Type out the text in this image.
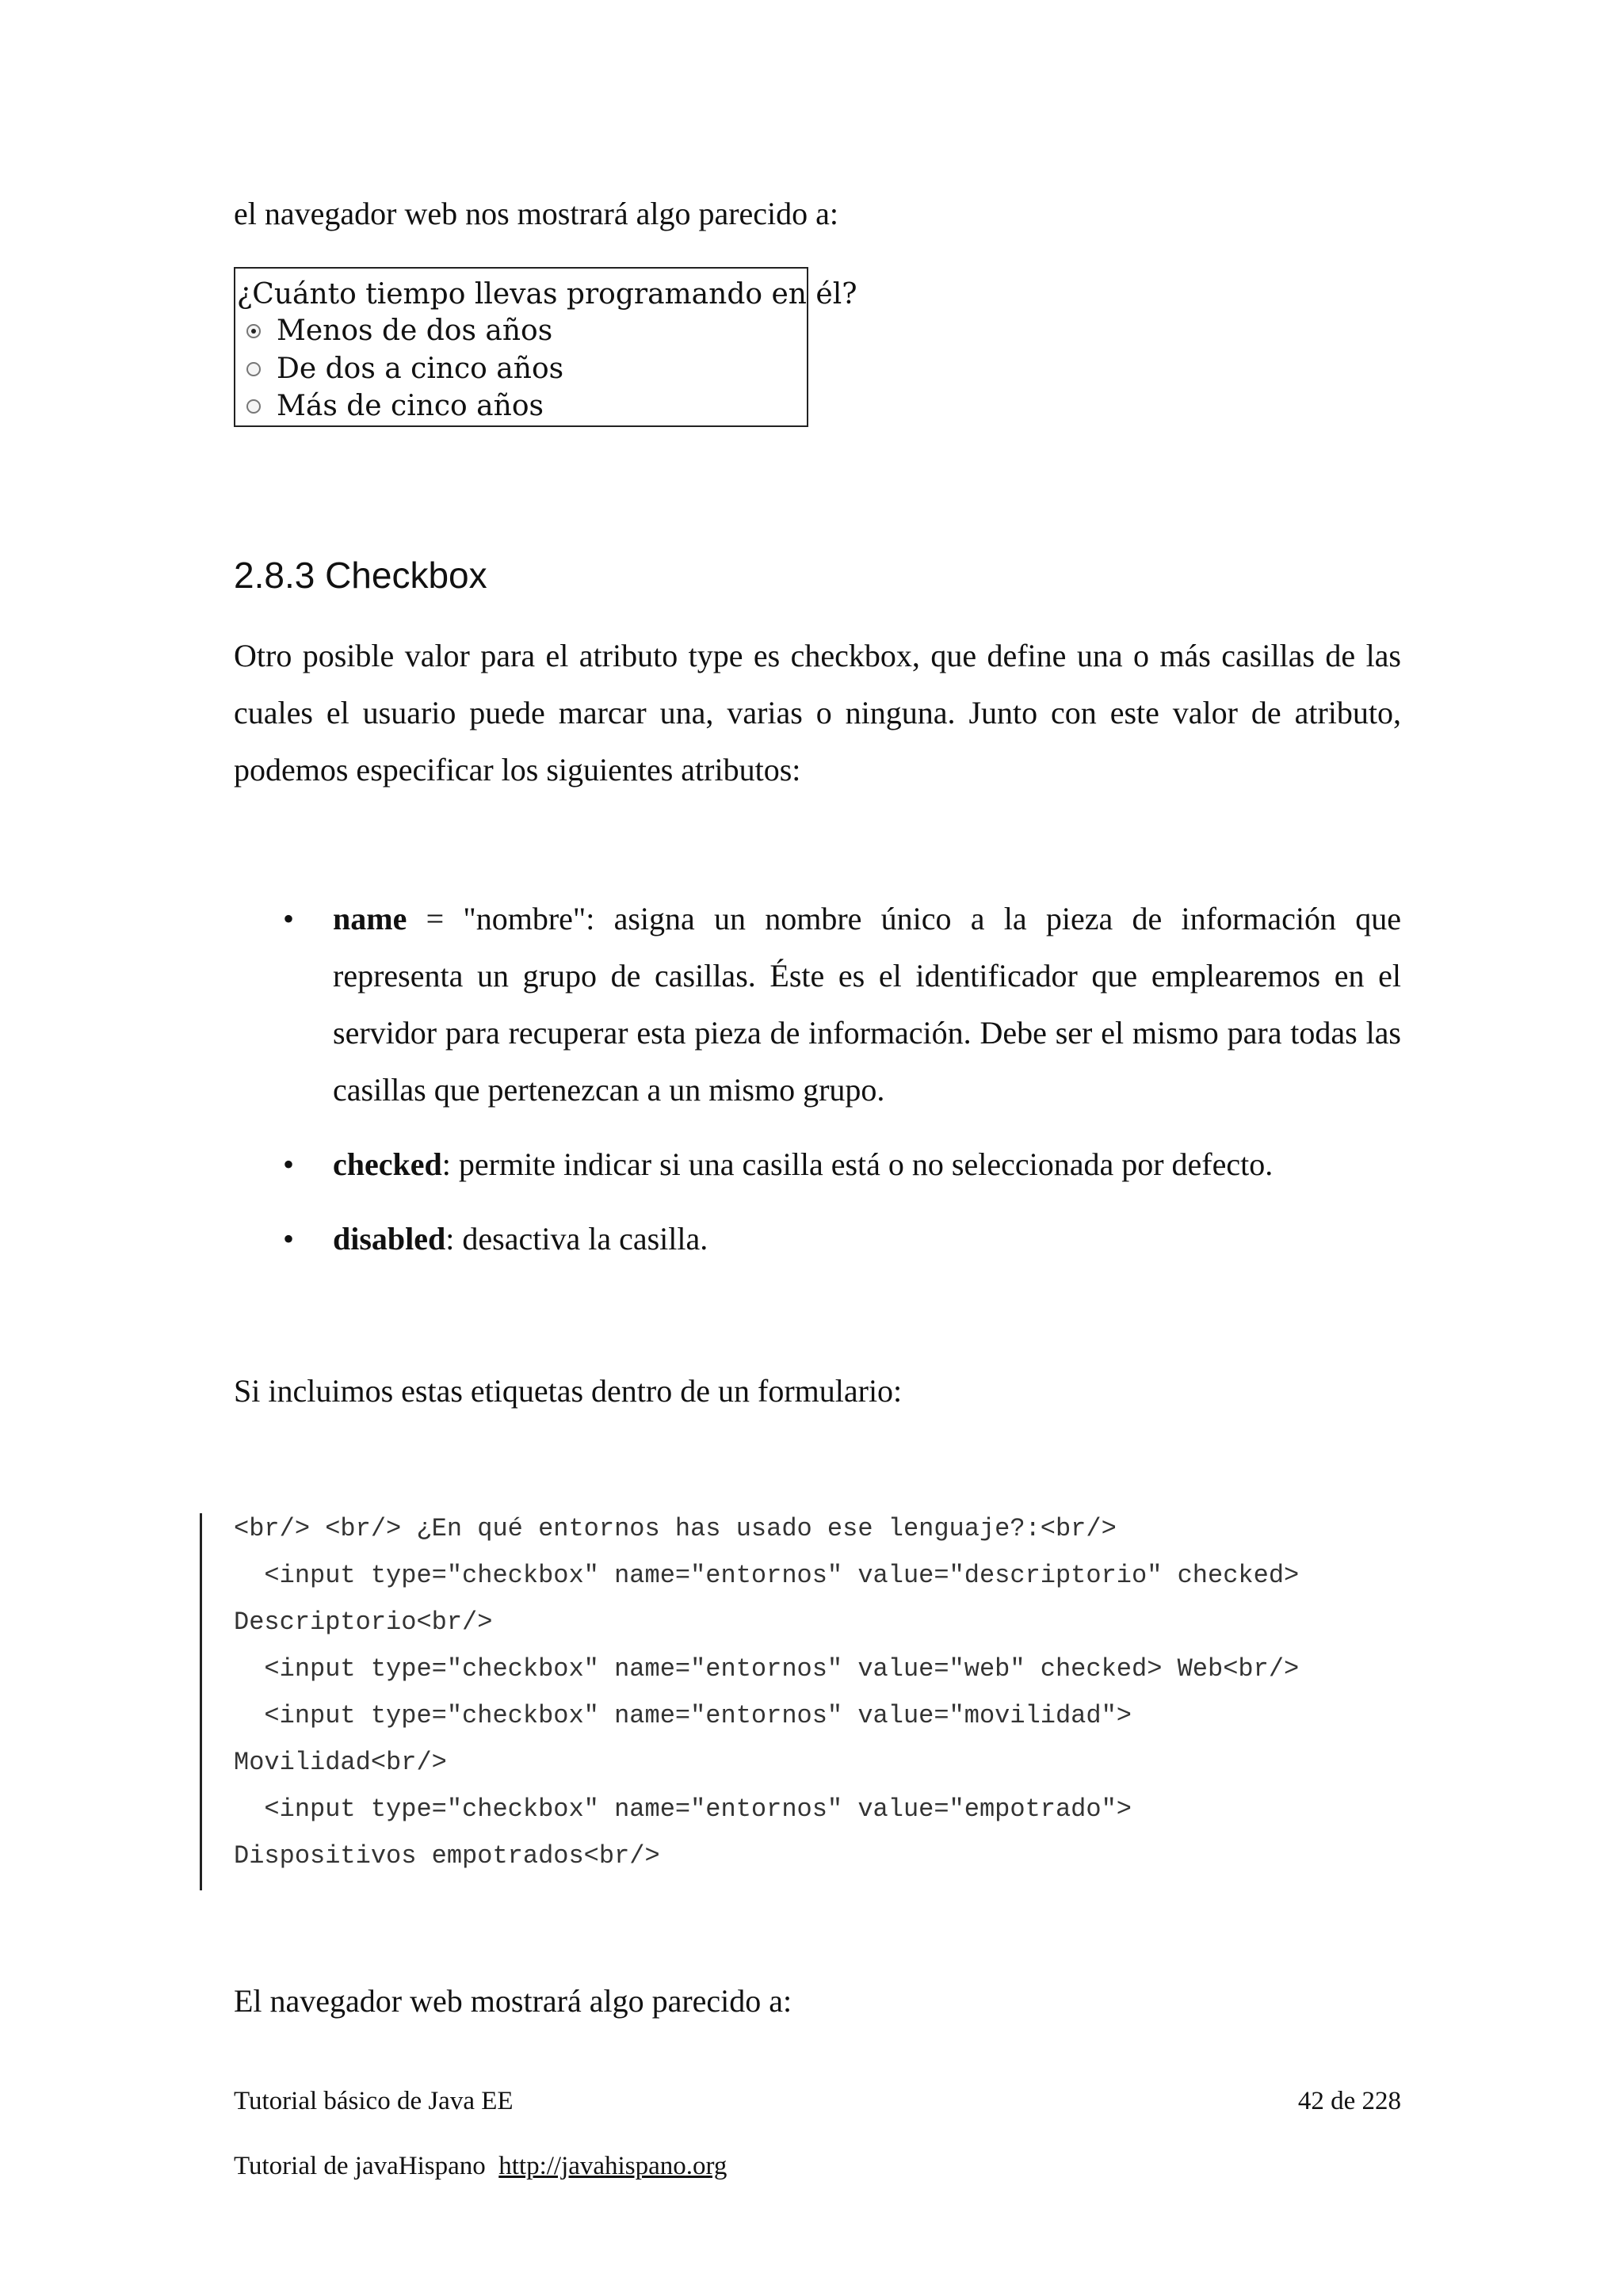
el navegador web nos mostrará algo parecido a:
¿Cuánto tiempo llevas programando en él?
Menos de dos años
De dos a cinco años
Más de cinco años
2.8.3 Checkbox
Otro posible valor para el atributo type es checkbox, que define una o más casillas de las cuales el usuario puede marcar una, varias o ninguna. Junto con este valor de atributo, podemos especificar los siguientes atributos:
• name = "nombre": asigna un nombre único a la pieza de información que representa un grupo de casillas. Éste es el identificador que emplearemos en el servidor para recuperar esta pieza de información. Debe ser el mismo para todas las casillas que pertenezcan a un mismo grupo.
• checked: permite indicar si una casilla está o no seleccionada por defecto.
• disabled: desactiva la casilla.
Si incluimos estas etiquetas dentro de un formulario:
<br/> <br/> ¿En qué entornos has usado ese lenguaje?:<br/>
<input type="checkbox" name="entornos" value="descriptorio" checked>
Descriptorio<br/>
<input type="checkbox" name="entornos" value="web" checked> Web<br/>
<input type="checkbox" name="entornos" value="movilidad">
Movilidad<br/>
<input type="checkbox" name="entornos" value="empotrado">
Dispositivos empotrados<br/>
El navegador web mostrará algo parecido a:
Tutorial básico de Java EE	42 de 228
Tutorial de javaHispano http://javahispano.org
